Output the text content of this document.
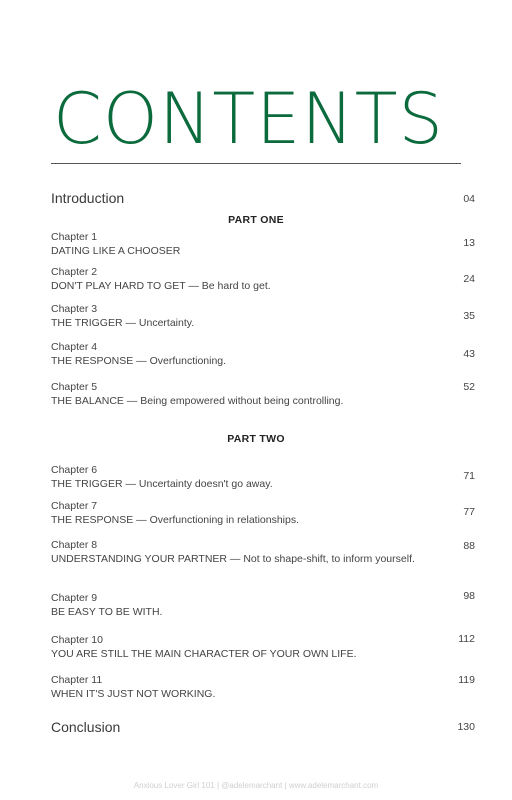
CONTENTS
Introduction	04
PART ONE
Chapter 1
DATING LIKE A CHOOSER
13
Chapter 2
DON'T PLAY HARD TO GET — Be hard to get.
24
Chapter 3
THE TRIGGER — Uncertainty.
35
Chapter 4
THE RESPONSE — Overfunctioning.
43
Chapter 5
THE BALANCE — Being empowered without being controlling.
52
PART TWO
Chapter 6
THE TRIGGER — Uncertainty doesn't go away.
71
Chapter 7
THE RESPONSE — Overfunctioning in relationships.
77
Chapter 8
UNDERSTANDING YOUR PARTNER — Not to shape-shift, to inform yourself.
88
Chapter 9
BE EASY TO BE WITH.
98
Chapter 10
YOU ARE STILL THE MAIN CHARACTER OF YOUR OWN LIFE.
112
Chapter 11
WHEN IT'S JUST NOT WORKING.
119
Conclusion	130
Anxious Lover Girl 101 | @adelemarchant | www.adelemarchant.com
